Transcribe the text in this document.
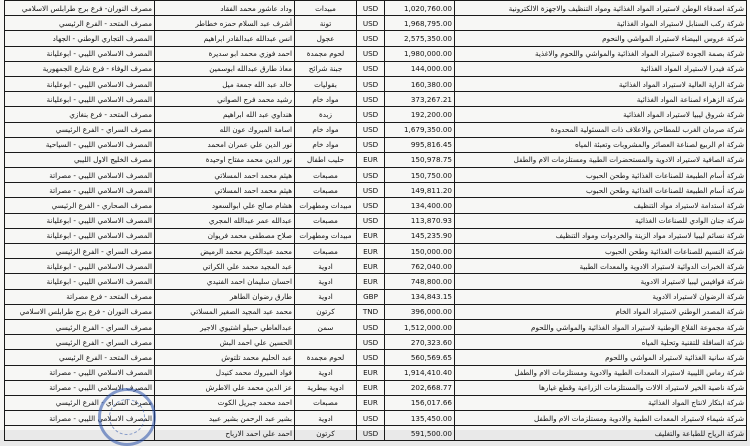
مصرف النوران- فرع برج طرابلس الاسلامي	وداد عاشور محمد الفقاد	مبيدات	USD	1,020,760.00	شركة اصدقاء الوطن لاستيراد المواد الغذائية ومواد التنظيف والاجهزة الالكترونية
مصرف المتحد - الفرع الرئيسي	أشرف عبد السلام حمزه خطاطر	تونة	USD	1,968,795.00	شركة ركب السنابل لاستيراد المواد الغذائية
المصرف التجاري الوطني - الجهاد	انس عبدالله عبدالقادر ابراهيم	عجول	USD	2,575,350.00	شركة عروس البيضاء لاستيراد المواشي والنحوم
المصرف الاسلامي الليبي - ابوعليانة	احمد فوزي محمد ابو سديرة	لحوم مجمدة	USD	1,980,000.00	شركة بصمة الجودة لاستيراد المواد الغذائية والمواشي واللحوم والاغذية
مصرف الوفاء - فرع شارع الجمهورية	معاذ طارق عبدالله ابوسمين	جبنة شرائح	USD	144,000.00	شركة فيدرا لاستيراد المواد الغذائية
المصرف الاسلامي الليبي - ابوعليانة	خالد عبد الله جمعة ميل	بقوليات	USD	160,380.00	شركة الراية العالية لاستيراد المواد الغذائية
المصرف الاسلامي الليبي - ابوعليانة	رشيد محمد فرج الصواني	مواد خام	USD	373,267.21	شركة الزهراء لصناعة المواد الغذائية
مصرف المتحد - فرع بنغازي	هنداوي عبد الله ابراهيم	زبدة	USD	192,200.00	شركة شروق ليبيا لاستيراد المواد الغذائية
مصرف السراي - الفرع الرئيسي	اسامة المبروك عون الله	مواد خام	USD	1,679,350.00	شركة صرمان الغرب للمطاحن والاعلاف ذات المسئولية المحدودة
المصرف الاسلامي الليبي - السياحية	نور الدين علي عمران امحمد	مواد خام	USD	995,816.45	شركة ام الربيع لصناعة العصائر والمشروبات وتعبئة المياه
مصرف الخليج الاول الليبي	نور الدين محمد مفتاح اوحيدة	حليب اطفال	EUR	150,978.75	شركة الصافية لاستيراد الادوية والمستحضرات الطبية ومستلزمات الام والطفل
المصرف الاسلامي الليبي - مصراتة	هيثم محمد احمد المسلاتي	مصبعات	USD	150,750.00	شركة أسام الطبيعة للصناعات الغذائية وطحن الحبوب
المصرف الاسلامي الليبي - مصراتة	هيثم محمد احمد المسلاتي	مصبعات	USD	149,811.20	شركة أسام الطبيعة للصناعات الغذائية وطحن الحبوب
مصرف الصحاري - الفرع الرئيسي	هشام صالح علي ابوالسعود	مبيدات ومطهرات	USD	134,400.00	شركة استدامة لاستيراد مواد التنظيف
المصرف الاسلامي الليبي - ابوعليانة	عبدالله عمر عبدالله المجري	مصبعات	USD	113,870.93	شركة جنان الوادي للصناعات الغذائية
المصرف الاسلامي الليبي - ابوعليانة	صلاح مصطفى محمد فريوان	مبيدات ومطهرات	EUR	145,235.90	شركة نسائم ليبيا لاستيراد مواد الزينة والخردوات ومواد التنظيف
مصرف السراي - الفرع الرئيسي	محمد عبدالكريم محمد الرميض	مصبعات	EUR	150,000.00	شركة النسيم للصناعات الغذائية وطحن الحبوب
المصرف الاسلامي الليبي - ابوعليانة	عبد المجيد محمد علي الكراتي	ادوية	EUR	762,040.00	شركة الخبرات الدوائية لاستيراد الادوية والمعدات الطبية
المصرف الاسلامي الليبي - ابوعليانة	احسان سليمان احمد الفنيدي	ادوية	EUR	748,800.00	شركة قوافيس ليبيا لاستيراد الادوية
مصرف المتحد - فرع مصراتة	طارق رضوان الطاهر	ادوية	GBP	134,843.15	شركة الرضوان لاستيراد الادوية
مصرف النوران - فرع برج طرابلس الاسلامي	محمد عبد المجيد الصغير المسلاتي	كرتون	TND	396,000.00	شركة المصدر الوطني لاستيراد المواد الخام
مصرف السراي - الفرع الرئيسي	عبدالعاطي حبيلو اشتيوي الاجير	سمن	USD	1,512,000.00	شركة مجموعة القلاع الوطنية لاستيراد المواد الغذائية والمواشي واللحوم
مصرف السراي - الفرع الرئيسي	الحسين علي احمد البش		USD	270,323.60	شركة السافلة للتقنية وتحلية المياه
مصرف المتحد - الفرع الرئيسي	عبد الحليم محمد تلتوش	لحوم مجمدة	USD	560,569.65	شركة سانية الغذائية لاستيراد المواشي واللحوم
المصرف الاسلامي الليبي - مصراتة	فواد المبروك محمد كنيدل	ادوية	EUR	1,914,410.40	شركة رماس الليبية لاستيراد المعدات الطبية والادوية ومستلزمات الام والطفل
المصرف الاسلامي الليبي - مصراتة	عز الدين محمد علي الاطرش	ادوية بيطرية	EUR	202,668.77	شركة ناصية الخير لاستيراد الالات والمستلزمات الزراعية وقطع غيارها
مصرف السراي - الفرع الرئيسي	احمد محمد جبريل الكوت	مصبعات	EUR	156,017.66	شركة ابتكار لانتاج المواد الغذائية
المصرف الاسلامي الليبي - مصراتة	بشير عبد الرحمن بشير عبيد	ادوية	USD	135,450.00	شركة شيماء لاستيراد المعدات الطبية والادوية ومستلزمات الام والطفل
	احمد علي احمد الارباح	كرتون	USD	591,500.00	شركة الرياح للطباعة والتغليف
